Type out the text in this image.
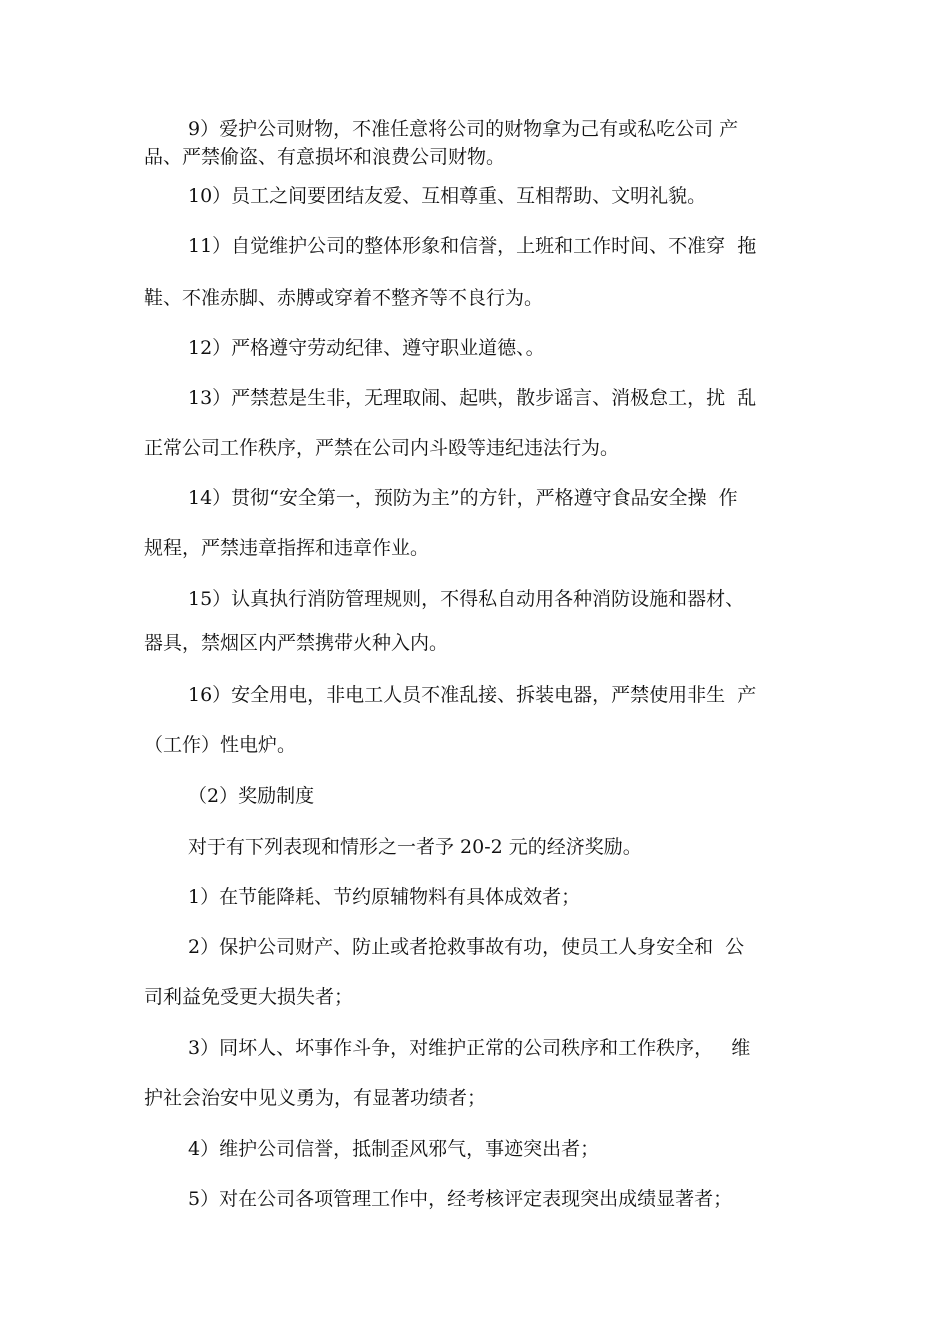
9）爱护公司财物，不准任意将公司的财物拿为己有或私吃公司 产
品、严禁偷盗、有意损坏和浪费公司财物。
10）员工之间要团结友爱、互相尊重、互相帮助、文明礼貌。
11）自觉维护公司的整体形象和信誉，上班和工作时间、不准穿  拖
鞋、不准赤脚、赤膊或穿着不整齐等不良行为。
12）严格遵守劳动纪律、遵守职业道德、。
13）严禁惹是生非，无理取闹、起哄，散步谣言、消极怠工，扰  乱
正常公司工作秩序，严禁在公司内斗殴等违纪违法行为。
14）贯彻“安全第一，预防为主”的方针，严格遵守食品安全操  作
规程，严禁违章指挥和违章作业。
15）认真执行消防管理规则，不得私自动用各种消防设施和器材、
器具，禁烟区内严禁携带火种入内。
16）安全用电，非电工人员不准乱接、拆装电器，严禁使用非生  产
（工作）性电炉。
（2）奖励制度
对于有下列表现和情形之一者予 20-2 元的经济奖励。
1）在节能降耗、节约原辅物料有具体成效者；
2）保护公司财产、防止或者抢救事故有功，使员工人身安全和  公
司利益免受更大损失者；
3）同坏人、坏事作斗争，对维护正常的公司秩序和工作秩序，   维
护社会治安中见义勇为，有显著功绩者；
4）维护公司信誉，抵制歪风邪气，事迹突出者；
5）对在公司各项管理工作中，经考核评定表现突出成绩显著者；
